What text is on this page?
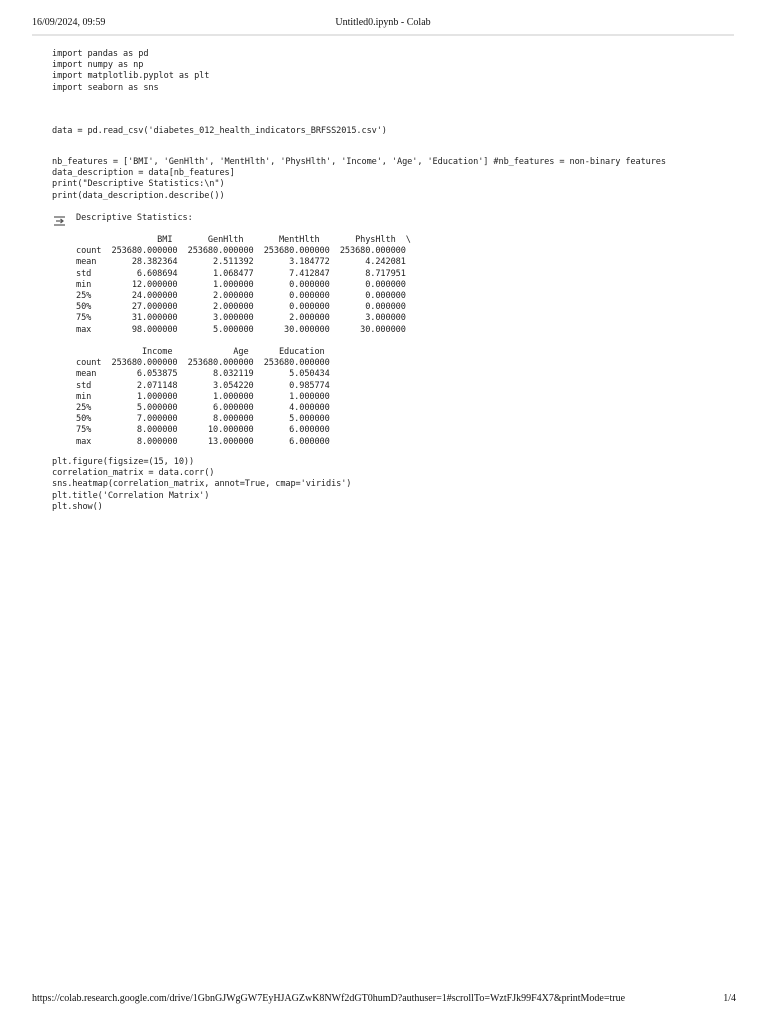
16/09/2024, 09:59	Untitled0.ipynb - Colab
import pandas as pd
import numpy as np
import matplotlib.pyplot as plt
import seaborn as sns
data = pd.read_csv('diabetes_012_health_indicators_BRFSS2015.csv')
nb_features = ['BMI', 'GenHlth', 'MentHlth', 'PhysHlth', 'Income', 'Age', 'Education'] #nb_features = non-binary features
data_description = data[nb_features]
print("Descriptive Statistics:\n")
print(data_description.describe())
Descriptive Statistics:
BMI       GenHlth       MentHlth       PhysHlth  \
count  253680.000000  253680.000000  253680.000000  253680.000000
mean       28.382364       2.511392       3.184772       4.242081
std         6.608694       1.068477       7.412847       8.717951
min        12.000000       1.000000       0.000000       0.000000
25%        24.000000       2.000000       0.000000       0.000000
50%        27.000000       2.000000       0.000000       0.000000
75%        31.000000       3.000000       2.000000       3.000000
max        98.000000       5.000000      30.000000      30.000000

Income            Age      Education
count  253680.000000  253680.000000  253680.000000
mean        6.053875       8.032119       5.050434
std         2.071148       3.054220       0.985774
min         1.000000       1.000000       1.000000
25%         5.000000       6.000000       4.000000
50%         7.000000       8.000000       5.000000
75%         8.000000      10.000000       6.000000
max         8.000000      13.000000       6.000000
plt.figure(figsize=(15, 10))
correlation_matrix = data.corr()
sns.heatmap(correlation_matrix, annot=True, cmap='viridis')
plt.title('Correlation Matrix')
plt.show()
https://colab.research.google.com/drive/1GbnGJWgGW7EyHJAGZwK8NWf2dGT0humD?authuser=1#scrollTo=WztFJk99F4X7&printMode=true	1/4
